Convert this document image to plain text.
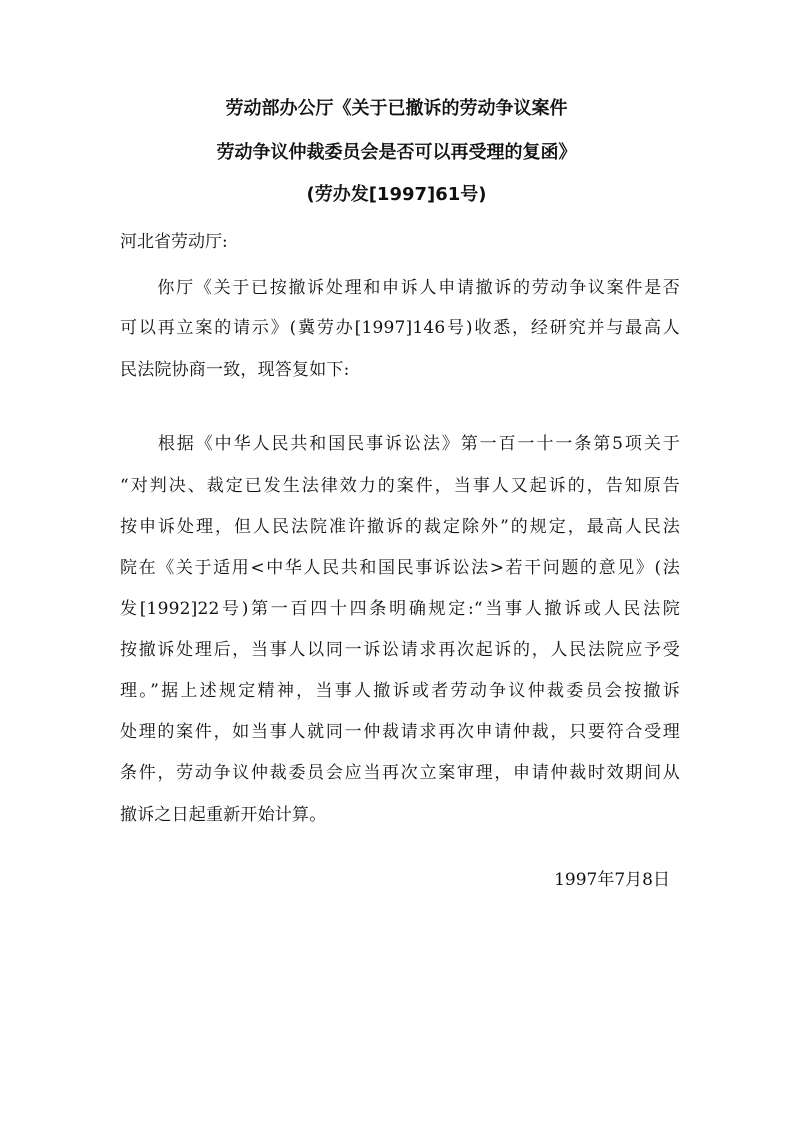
劳动部办公厅《关于已撤诉的劳动争议案件
劳动争议仲裁委员会是否可以再受理的复函》
(劳办发[1997]61号)
河北省劳动厅:
　　你厅《关于已按撤诉处理和申诉人申请撤诉的劳动争议案件是否
可以再立案的请示》(冀劳办[1997]146号)收悉，经研究并与最高人
民法院协商一致，现答复如下:
　　根据《中华人民共和国民事诉讼法》第一百一十一条第5项关于
“对判决、裁定已发生法律效力的案件，当事人又起诉的，告知原告
按申诉处理，但人民法院准许撤诉的裁定除外”的规定，最高人民法
院在《关于适用<中华人民共和国民事诉讼法>若干问题的意见》(法
发[1992]22号)第一百四十四条明确规定:“当事人撤诉或人民法院
按撤诉处理后，当事人以同一诉讼请求再次起诉的，人民法院应予受
理。”据上述规定精神，当事人撤诉或者劳动争议仲裁委员会按撤诉
处理的案件，如当事人就同一仲裁请求再次申请仲裁，只要符合受理
条件，劳动争议仲裁委员会应当再次立案审理，申请仲裁时效期间从
撤诉之日起重新开始计算。
1997年7月8日
